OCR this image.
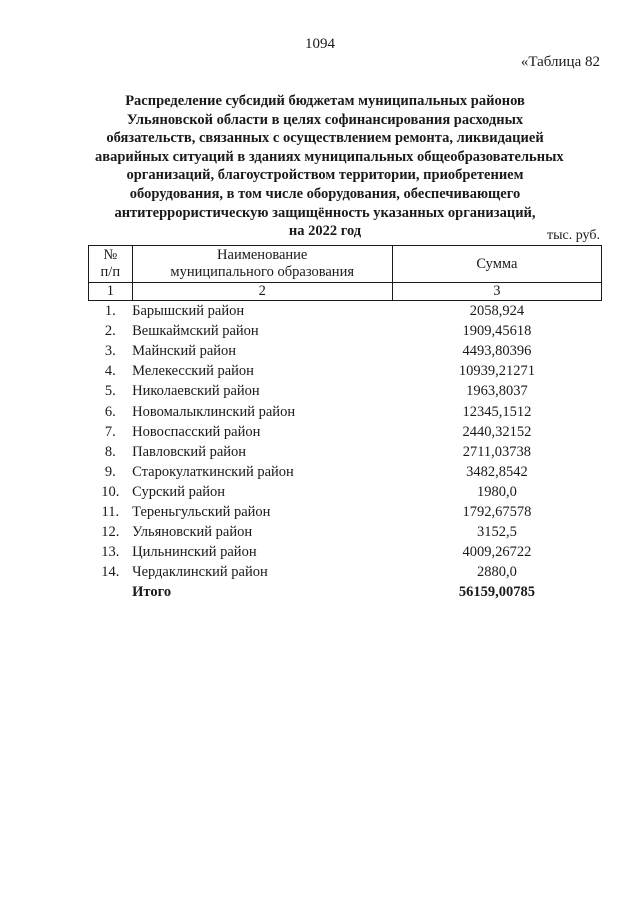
1094
«Таблица 82
Распределение субсидий бюджетам муниципальных районов
Ульяновской области в целях софинансирования расходных
обязательств, связанных с осуществлением ремонта, ликвидацией
аварийных ситуаций в зданиях муниципальных общеобразовательных
организаций, благоустройством территории, приобретением
оборудования, в том числе оборудования, обеспечивающего
антитеррористическую защищённость указанных организаций,
на 2022 год	тыс. руб.
№
п/п	Наименование
муниципального образования	Сумма
1	2	3
1.	Барышский район	2058,924
2.	Вешкаймский район	1909,45618
3.	Майнский район	4493,80396
4.	Мелекесский район	10939,21271
5.	Николаевский район	1963,8037
6.	Новомалыклинский район	12345,1512
7.	Новоспасский район	2440,32152
8.	Павловский район	2711,03738
9.	Старокулаткинский район	3482,8542
10.	Сурский район	1980,0
11.	Тереньгульский район	1792,67578
12.	Ульяновский район	3152,5
13.	Цильнинский район	4009,26722
14.	Чердаклинский район	2880,0
	Итого	56159,00785
